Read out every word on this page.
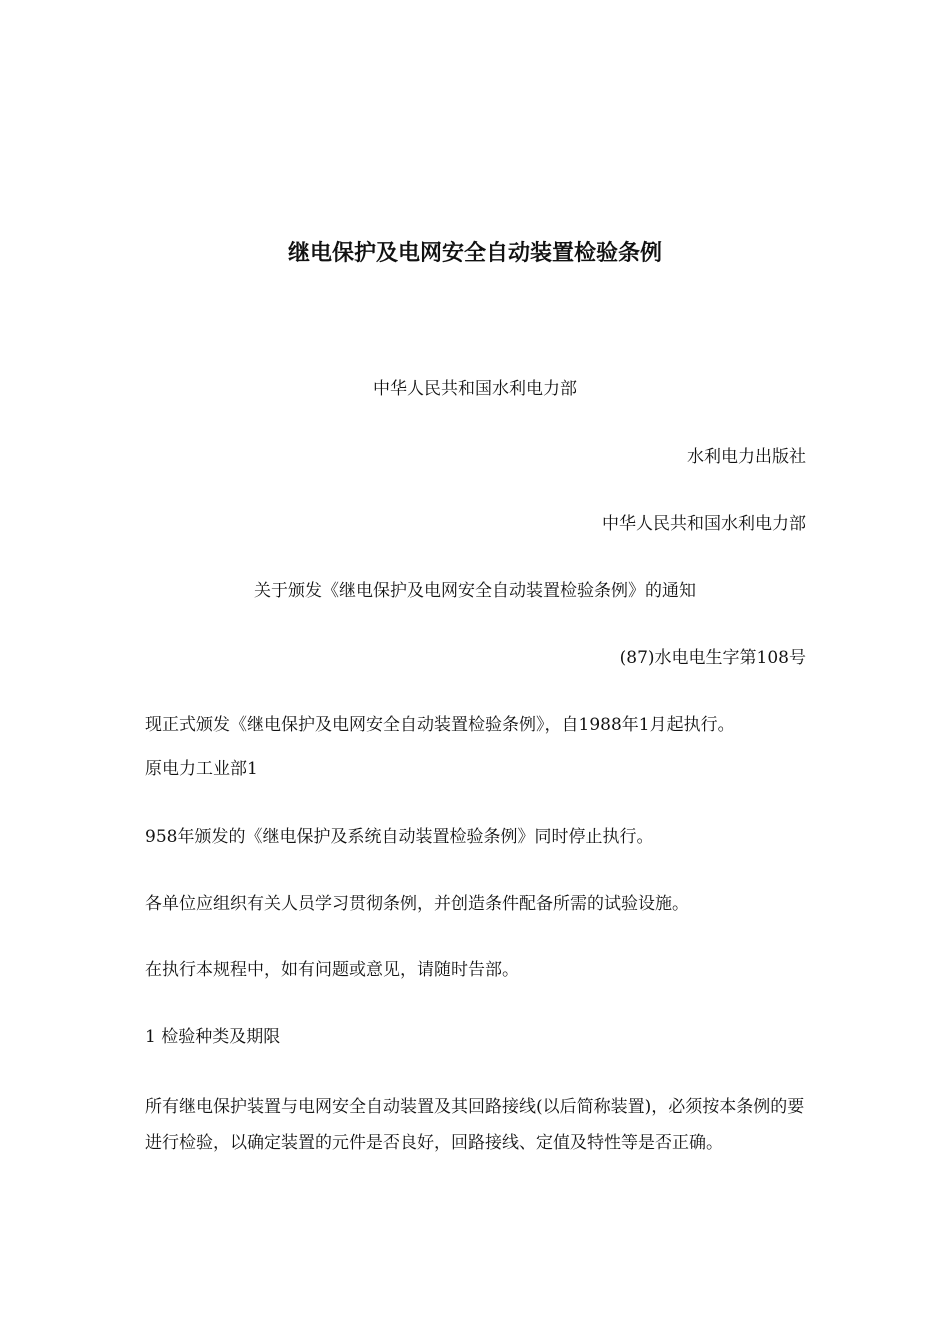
继电保护及电网安全自动装置检验条例
中华人民共和国水利电力部
水利电力出版社
中华人民共和国水利电力部
关于颁发《继电保护及电网安全自动装置检验条例》的通知
(87)水电电生字第108号
现正式颁发《继电保护及电网安全自动装置检验条例》，自1988年1月起执行。
原电力工业部1
958年颁发的《继电保护及系统自动装置检验条例》同时停止执行。
各单位应组织有关人员学习贯彻条例，并创造条件配备所需的试验设施。
在执行本规程中，如有问题或意见，请随时告部。
1 检验种类及期限
所有继电保护装置与电网安全自动装置及其回路接线(以后简称装置)，必须按本条例的要进行检验，以确定装置的元件是否良好，回路接线、定值及特性等是否正确。
